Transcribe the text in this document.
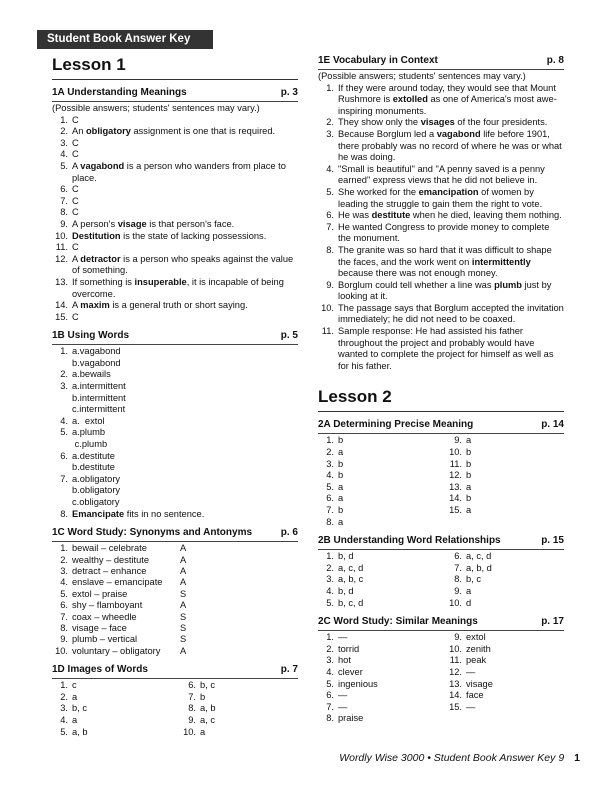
Student Book Answer Key
Lesson 1
1A Understanding Meanings	p. 3
(Possible answers; students' sentences may vary.)
1. C
2. An obligatory assignment is one that is required.
3. C
4. C
5. A vagabond is a person who wanders from place to place.
6. C
7. C
8. C
9. A person's visage is that person's face.
10. Destitution is the state of lacking possessions.
11. C
12. A detractor is a person who speaks against the value of something.
13. If something is insuperable, it is incapable of being overcome.
14. A maxim is a general truth or short saying.
15. C
1B Using Words	p. 5
1. a.vagabond
b.vagabond
2. a.bewails
3. a.intermittent
b.intermittent
c.intermittent
4. a.  extol
5. a.plumb
c.plumb
6. a.destitute
b.destitute
7. a.obligatory
b.obligatory
c.obligatory
8. Emancipate fits in no sentence.
1C Word Study: Synonyms and Antonyms	p. 6
1. bewail – celebrate	A
2. wealthy – destitute	A
3. detract – enhance	A
4. enslave – emancipate	A
5. extol – praise	S
6. shy – flamboyant	A
7. coax – wheedle	S
8. visage – face	S
9. plumb – vertical	S
10. voluntary – obligatory	A
1D Images of Words	p. 7
1. c
2. a
3. b, c
4. a
5. a, b
6. b, c
7. b
8. a, b
9. a, c
10. a
1E Vocabulary in Context	p. 8
(Possible answers; students' sentences may vary.)
1. If they were around today, they would see that Mount Rushmore is extolled as one of America's most awe-inspiring monuments.
2. They show only the visages of the four presidents.
3. Because Borglum led a vagabond life before 1901, there probably was no record of where he was or what he was doing.
4. "Small is beautiful" and "A penny saved is a penny earned" express views that he did not believe in.
5. She worked for the emancipation of women by leading the struggle to gain them the right to vote.
6. He was destitute when he died, leaving them nothing.
7. He wanted Congress to provide money to complete the monument.
8. The granite was so hard that it was difficult to shape the faces, and the work went on intermittently because there was not enough money.
9. Borglum could tell whether a line was plumb just by looking at it.
10. The passage says that Borglum accepted the invitation immediately; he did not need to be coaxed.
11. Sample response: He had assisted his father throughout the project and probably would have wanted to complete the project for himself as well as for his father.
Lesson 2
2A Determining Precise Meaning	p. 14
1. b
2. a
3. b
4. b
5. a
6. a
7. b
8. a
9. a
10. b
11. b
12. b
13. a
14. b
15. a
2B Understanding Word Relationships	p. 15
1. b, d
2. a, c, d
3. a, b, c
4. b, d
5. b, c, d
6. a, c, d
7. a, b, d
8. b, c
9. a
10. d
2C Word Study: Similar Meanings	p. 17
1. —
2. torrid
3. hot
4. clever
5. ingenious
6. —
7. —
8. praise
9. extol
10. zenith
11. peak
12. —
13. visage
14. face
15. —
Wordly Wise 3000 • Student Book Answer Key 9 1
